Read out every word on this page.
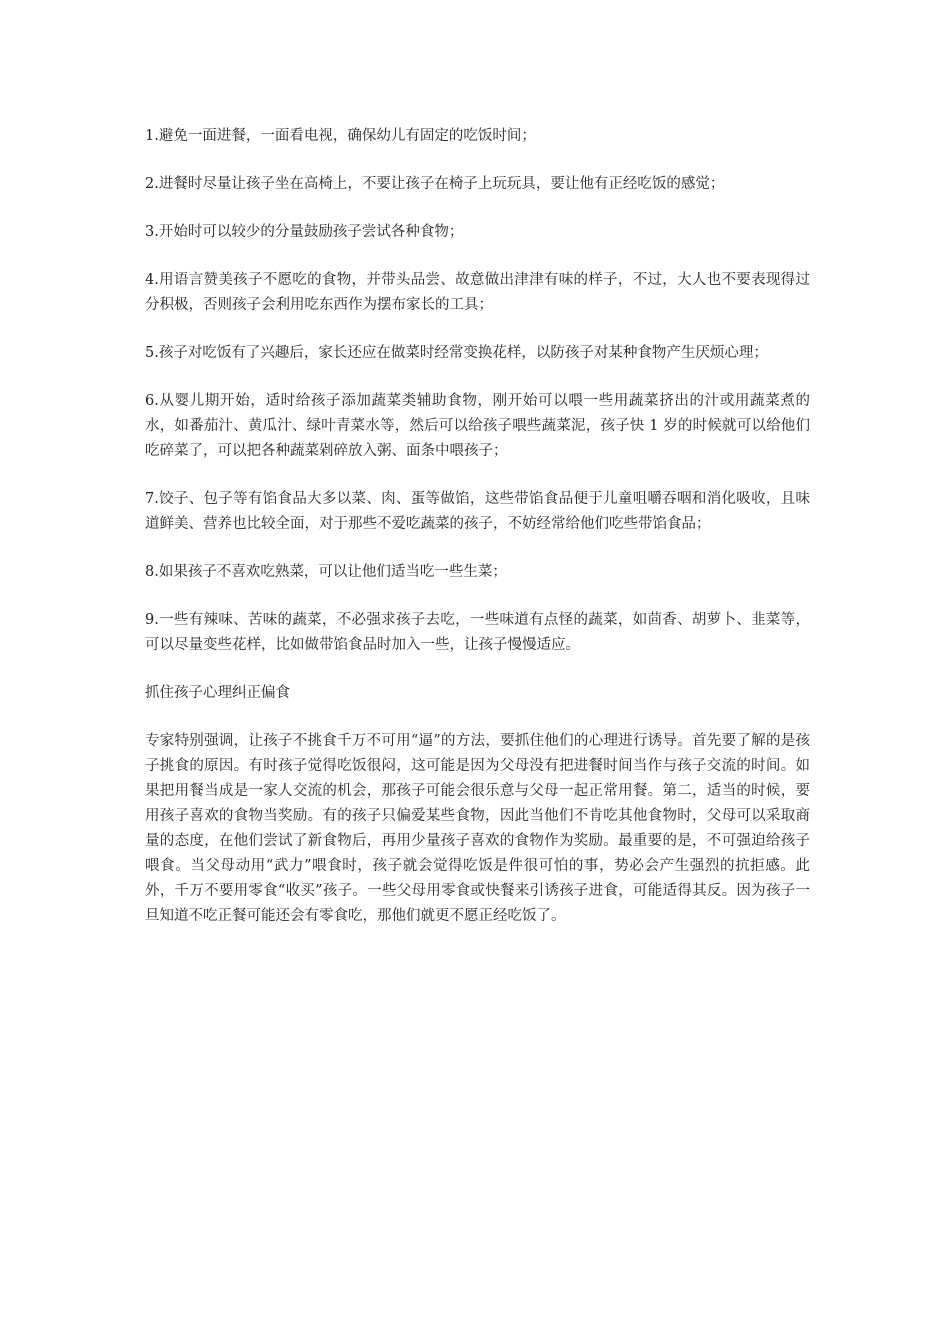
1.避免一面进餐，一面看电视，确保幼儿有固定的吃饭时间；

2.进餐时尽量让孩子坐在高椅上，不要让孩子在椅子上玩玩具，要让他有正经吃饭的感觉；

3.开始时可以较少的分量鼓励孩子尝试各种食物；

4.用语言赞美孩子不愿吃的食物，并带头品尝、故意做出津津有味的样子，不过，大人也不要表现得过分积极，否则孩子会利用吃东西作为摆布家长的工具；

5.孩子对吃饭有了兴趣后，家长还应在做菜时经常变换花样，以防孩子对某种食物产生厌烦心理；

6.从婴儿期开始，适时给孩子添加蔬菜类辅助食物，刚开始可以喂一些用蔬菜挤出的汁或用蔬菜煮的水，如番茄汁、黄瓜汁、绿叶青菜水等，然后可以给孩子喂些蔬菜泥，孩子快 1 岁的时候就可以给他们吃碎菜了，可以把各种蔬菜剁碎放入粥、面条中喂孩子；

7.饺子、包子等有馅食品大多以菜、肉、蛋等做馅，这些带馅食品便于儿童咀嚼吞咽和消化吸收，且味道鲜美、营养也比较全面，对于那些不爱吃蔬菜的孩子，不妨经常给他们吃些带馅食品；

8.如果孩子不喜欢吃熟菜，可以让他们适当吃一些生菜；

9.一些有辣味、苦味的蔬菜，不必强求孩子去吃，一些味道有点怪的蔬菜，如茴香、胡萝卜、韭菜等，可以尽量变些花样，比如做带馅食品时加入一些，让孩子慢慢适应。

抓住孩子心理纠正偏食

专家特别强调，让孩子不挑食千万不可用“逼”的方法，要抓住他们的心理进行诱导。首先要了解的是孩子挑食的原因。有时孩子觉得吃饭很闷，这可能是因为父母没有把进餐时间当作与孩子交流的时间。如果把用餐当成是一家人交流的机会，那孩子可能会很乐意与父母一起正常用餐。第二，适当的时候，要用孩子喜欢的食物当奖励。有的孩子只偏爱某些食物，因此当他们不肯吃其他食物时，父母可以采取商量的态度，在他们尝试了新食物后，再用少量孩子喜欢的食物作为奖励。最重要的是，不可强迫给孩子喂食。当父母动用“武力”喂食时，孩子就会觉得吃饭是件很可怕的事，势必会产生强烈的抗拒感。此外，千万不要用零食“收买”孩子。一些父母用零食或快餐来引诱孩子进食，可能适得其反。因为孩子一旦知道不吃正餐可能还会有零食吃，那他们就更不愿正经吃饭了。
